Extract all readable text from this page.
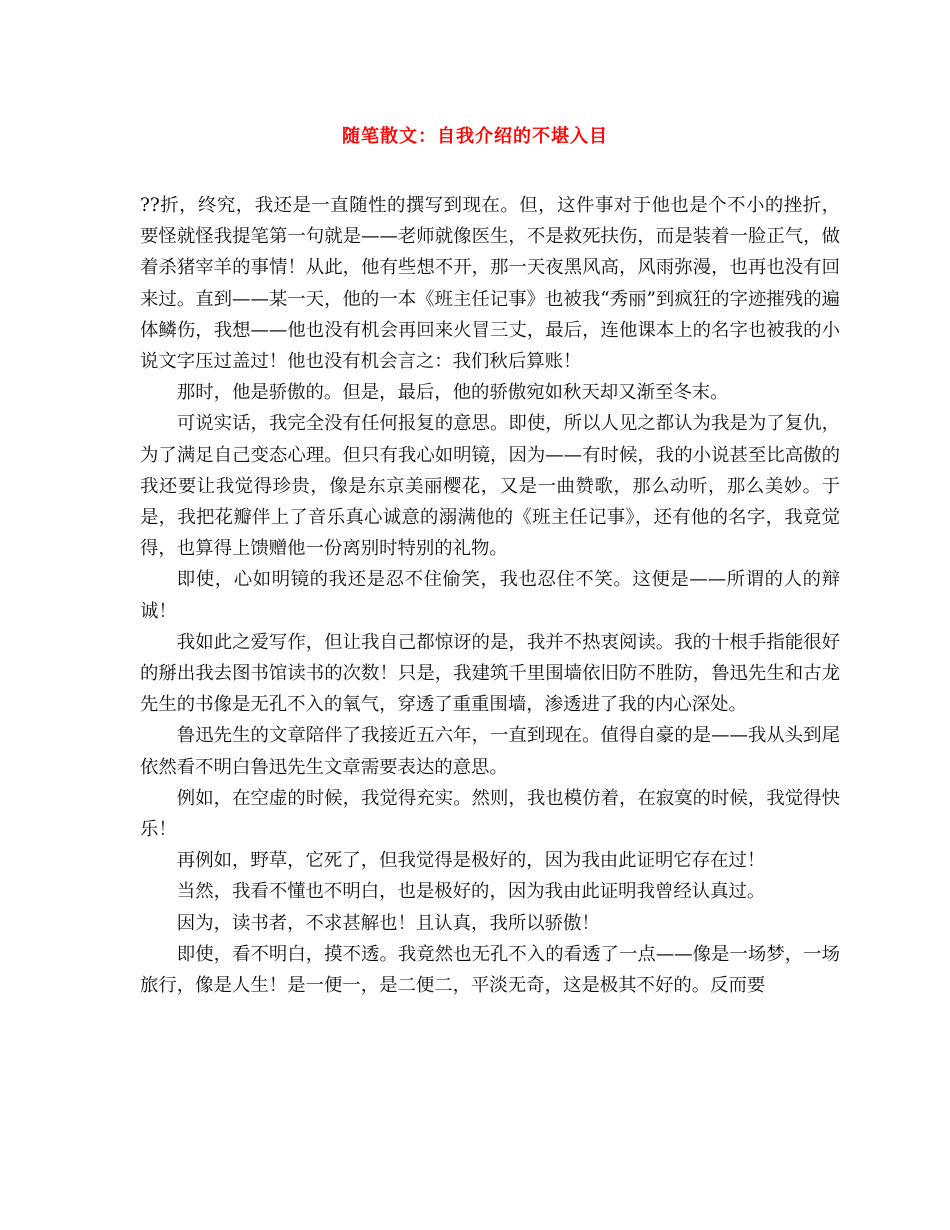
随笔散文：自我介绍的不堪入目

??折，终究，我还是一直随性的撰写到现在。但，这件事对于他也是个不小的挫折，要怪就怪我提笔第一句就是——老师就像医生，不是救死扶伤，而是装着一脸正气，做着杀猪宰羊的事情！从此，他有些想不开，那一天夜黑风高，风雨弥漫，也再也没有回来过。直到——某一天，他的一本《班主任记事》也被我“秀丽”到疯狂的字迹摧残的遍体鳞伤，我想——他也没有机会再回来火冒三丈，最后，连他课本上的名字也被我的小说文字压过盖过！他也没有机会言之：我们秋后算账！

那时，他是骄傲的。但是，最后，他的骄傲宛如秋天却又渐至冬末。

可说实话，我完全没有任何报复的意思。即使，所以人见之都认为我是为了复仇，为了满足自己变态心理。但只有我心如明镜，因为——有时候，我的小说甚至比高傲的我还要让我觉得珍贵，像是东京美丽樱花，又是一曲赞歌，那么动听，那么美妙。于是，我把花瓣伴上了音乐真心诚意的溺满他的《班主任记事》，还有他的名字，我竟觉得，也算得上馈赠他一份离别时特别的礼物。

即使，心如明镜的我还是忍不住偷笑，我也忍住不笑。这便是——所谓的人的辩诚！

我如此之爱写作，但让我自己都惊讶的是，我并不热衷阅读。我的十根手指能很好的掰出我去图书馆读书的次数！只是，我建筑千里围墙依旧防不胜防，鲁迅先生和古龙先生的书像是无孔不入的氧气，穿透了重重围墙，渗透进了我的内心深处。

鲁迅先生的文章陪伴了我接近五六年，一直到现在。值得自豪的是——我从头到尾依然看不明白鲁迅先生文章需要表达的意思。

例如，在空虚的时候，我觉得充实。然则，我也模仿着，在寂寞的时候，我觉得快乐！

再例如，野草，它死了，但我觉得是极好的，因为我由此证明它存在过！

当然，我看不懂也不明白，也是极好的，因为我由此证明我曾经认真过。

因为，读书者，不求甚解也！且认真，我所以骄傲！

即使，看不明白，摸不透。我竟然也无孔不入的看透了一点——像是一场梦，一场旅行，像是人生！是一便一，是二便二，平淡无奇，这是极其不好的。反而要
